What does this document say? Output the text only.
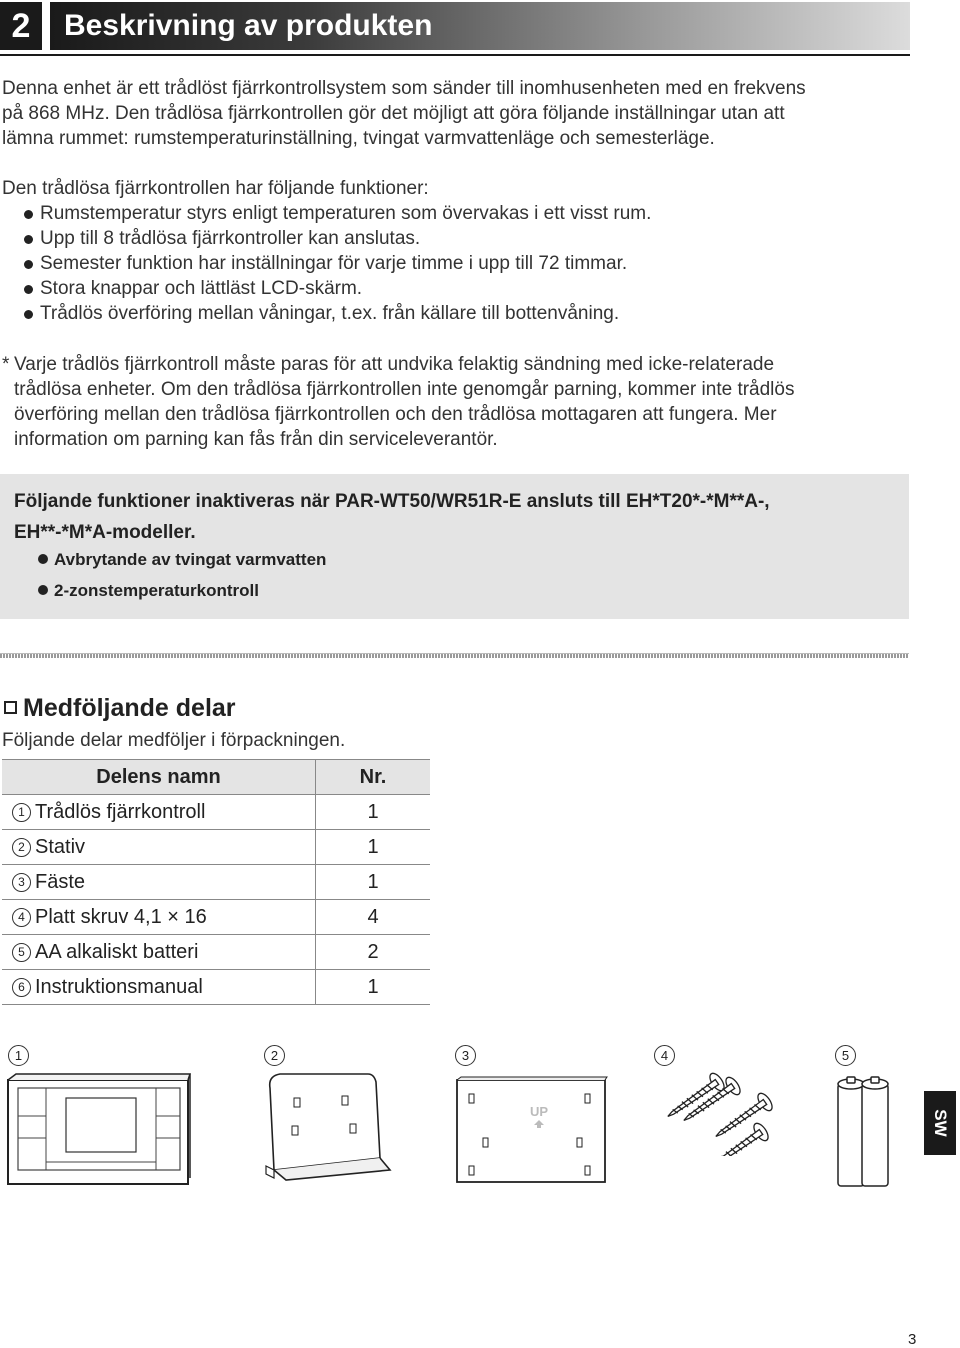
2	Beskrivning av produkten
Denna enhet är ett trådlöst fjärrkontrollsystem som sänder till inomhusenheten med en frekvens
på 868 MHz. Den trådlösa fjärrkontrollen gör det möjligt att göra följande inställningar utan att
lämna rummet: rumstemperaturinställning, tvingat varmvattenläge och semesterläge.
Den trådlösa fjärrkontrollen har följande funktioner:
Rumstemperatur styrs enligt temperaturen som övervakas i ett visst rum.
Upp till 8 trådlösa fjärrkontroller kan anslutas.
Semester funktion har inställningar för varje timme i upp till 72 timmar.
Stora knappar och lättläst LCD-skärm.
Trådlös överföring mellan våningar, t.ex. från källare till bottenvåning.
* Varje trådlös fjärrkontroll måste paras för att undvika felaktig sändning med icke-relaterade
trådlösa enheter. Om den trådlösa fjärrkontrollen inte genomgår parning, kommer inte trådlös
överföring mellan den trådlösa fjärrkontrollen och den trådlösa mottagaren att fungera. Mer
information om parning kan fås från din serviceleverantör.
Följande funktioner inaktiveras när PAR-WT50/WR51R-E ansluts till EH*T20*-*M**A-,
EH**-*M*A-modeller.
Avbrytande av tvingat varmvatten
2-zonstemperaturkontroll
Medföljande delar
Följande delar medföljer i förpackningen.
Delens namn	Nr.
1 Trådlös fjärrkontroll	1
2 Stativ	1
3 Fäste	1
4 Platt skruv 4,1 × 16	4
5 AA alkaliskt batteri	2
6 Instruktionsmanual	1
1	2	3	4	5
UP	SW
3
